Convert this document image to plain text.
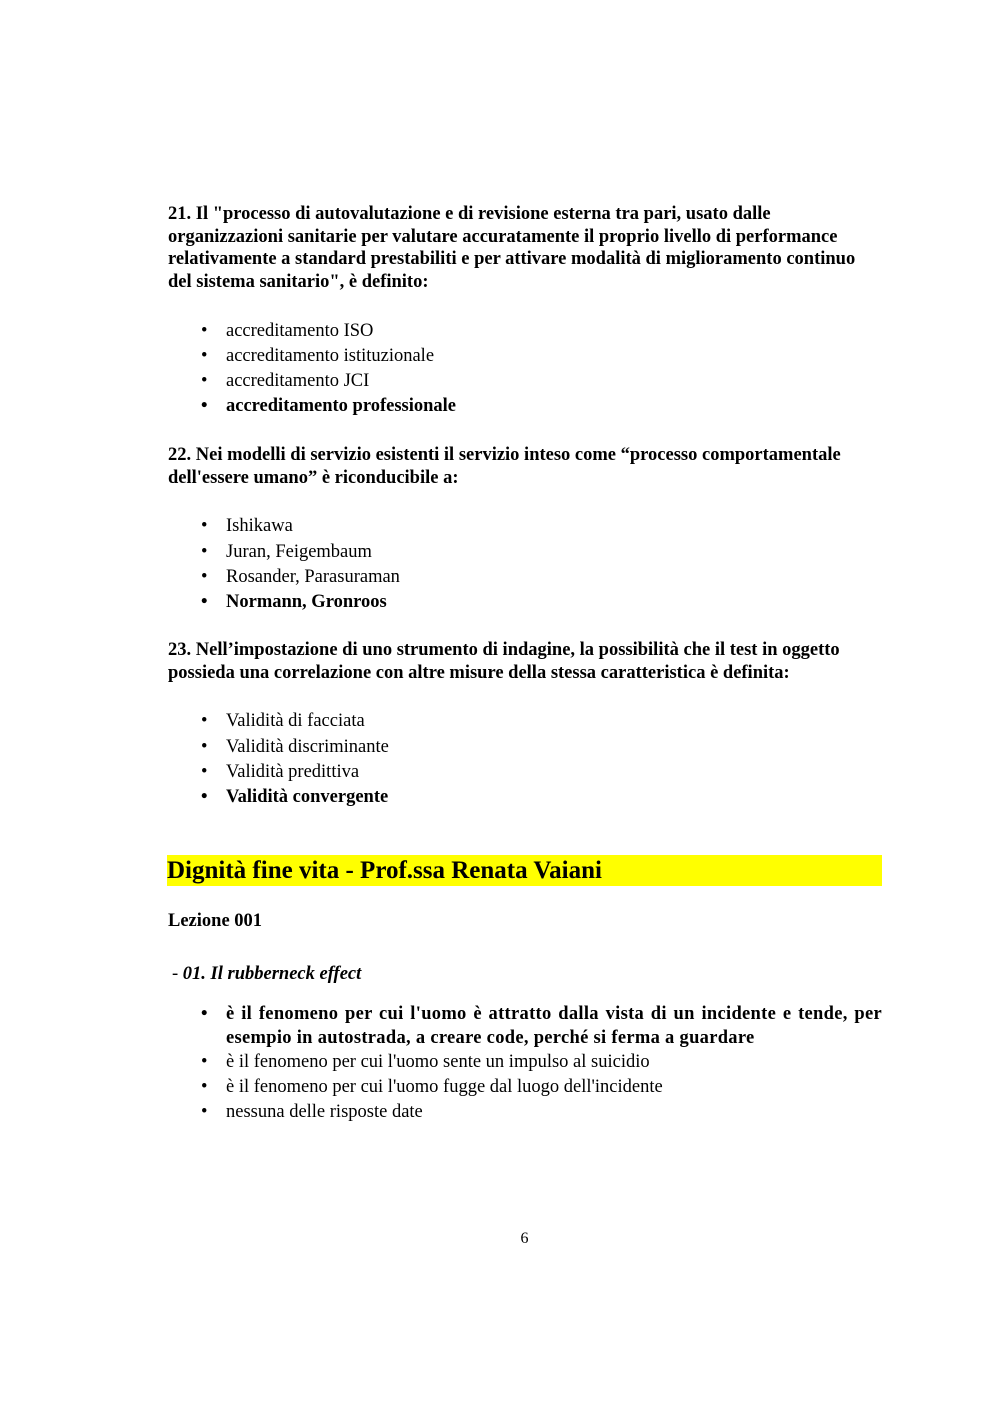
21. Il "processo di autovalutazione e di revisione esterna tra pari, usato dalle organizzazioni sanitarie per valutare accuratamente il proprio livello di performance relativamente a standard prestabiliti e per attivare modalità di miglioramento continuo del sistema sanitario", è definito:

• accreditamento ISO
• accreditamento istituzionale
• accreditamento JCI
• accreditamento professionale

22. Nei modelli di servizio esistenti il servizio inteso come “processo comportamentale dell'essere umano” è riconducibile a:

• Ishikawa
• Juran, Feigembaum
• Rosander, Parasuraman
• Normann, Gronroos

23. Nell’impostazione di uno strumento di indagine, la possibilità che il test in oggetto possieda una correlazione con altre misure della stessa caratteristica è definita:

• Validità di facciata
• Validità discriminante
• Validità predittiva
• Validità convergente
Dignità fine vita - Prof.ssa Renata Vaiani
Lezione 001
- 01. Il rubberneck effect
• è il fenomeno per cui l'uomo è attratto dalla vista di un incidente e tende, per esempio in autostrada, a creare code, perché si ferma a guardare
• è il fenomeno per cui l'uomo sente un impulso al suicidio
• è il fenomeno per cui l'uomo fugge dal luogo dell'incidente
• nessuna delle risposte date
6
